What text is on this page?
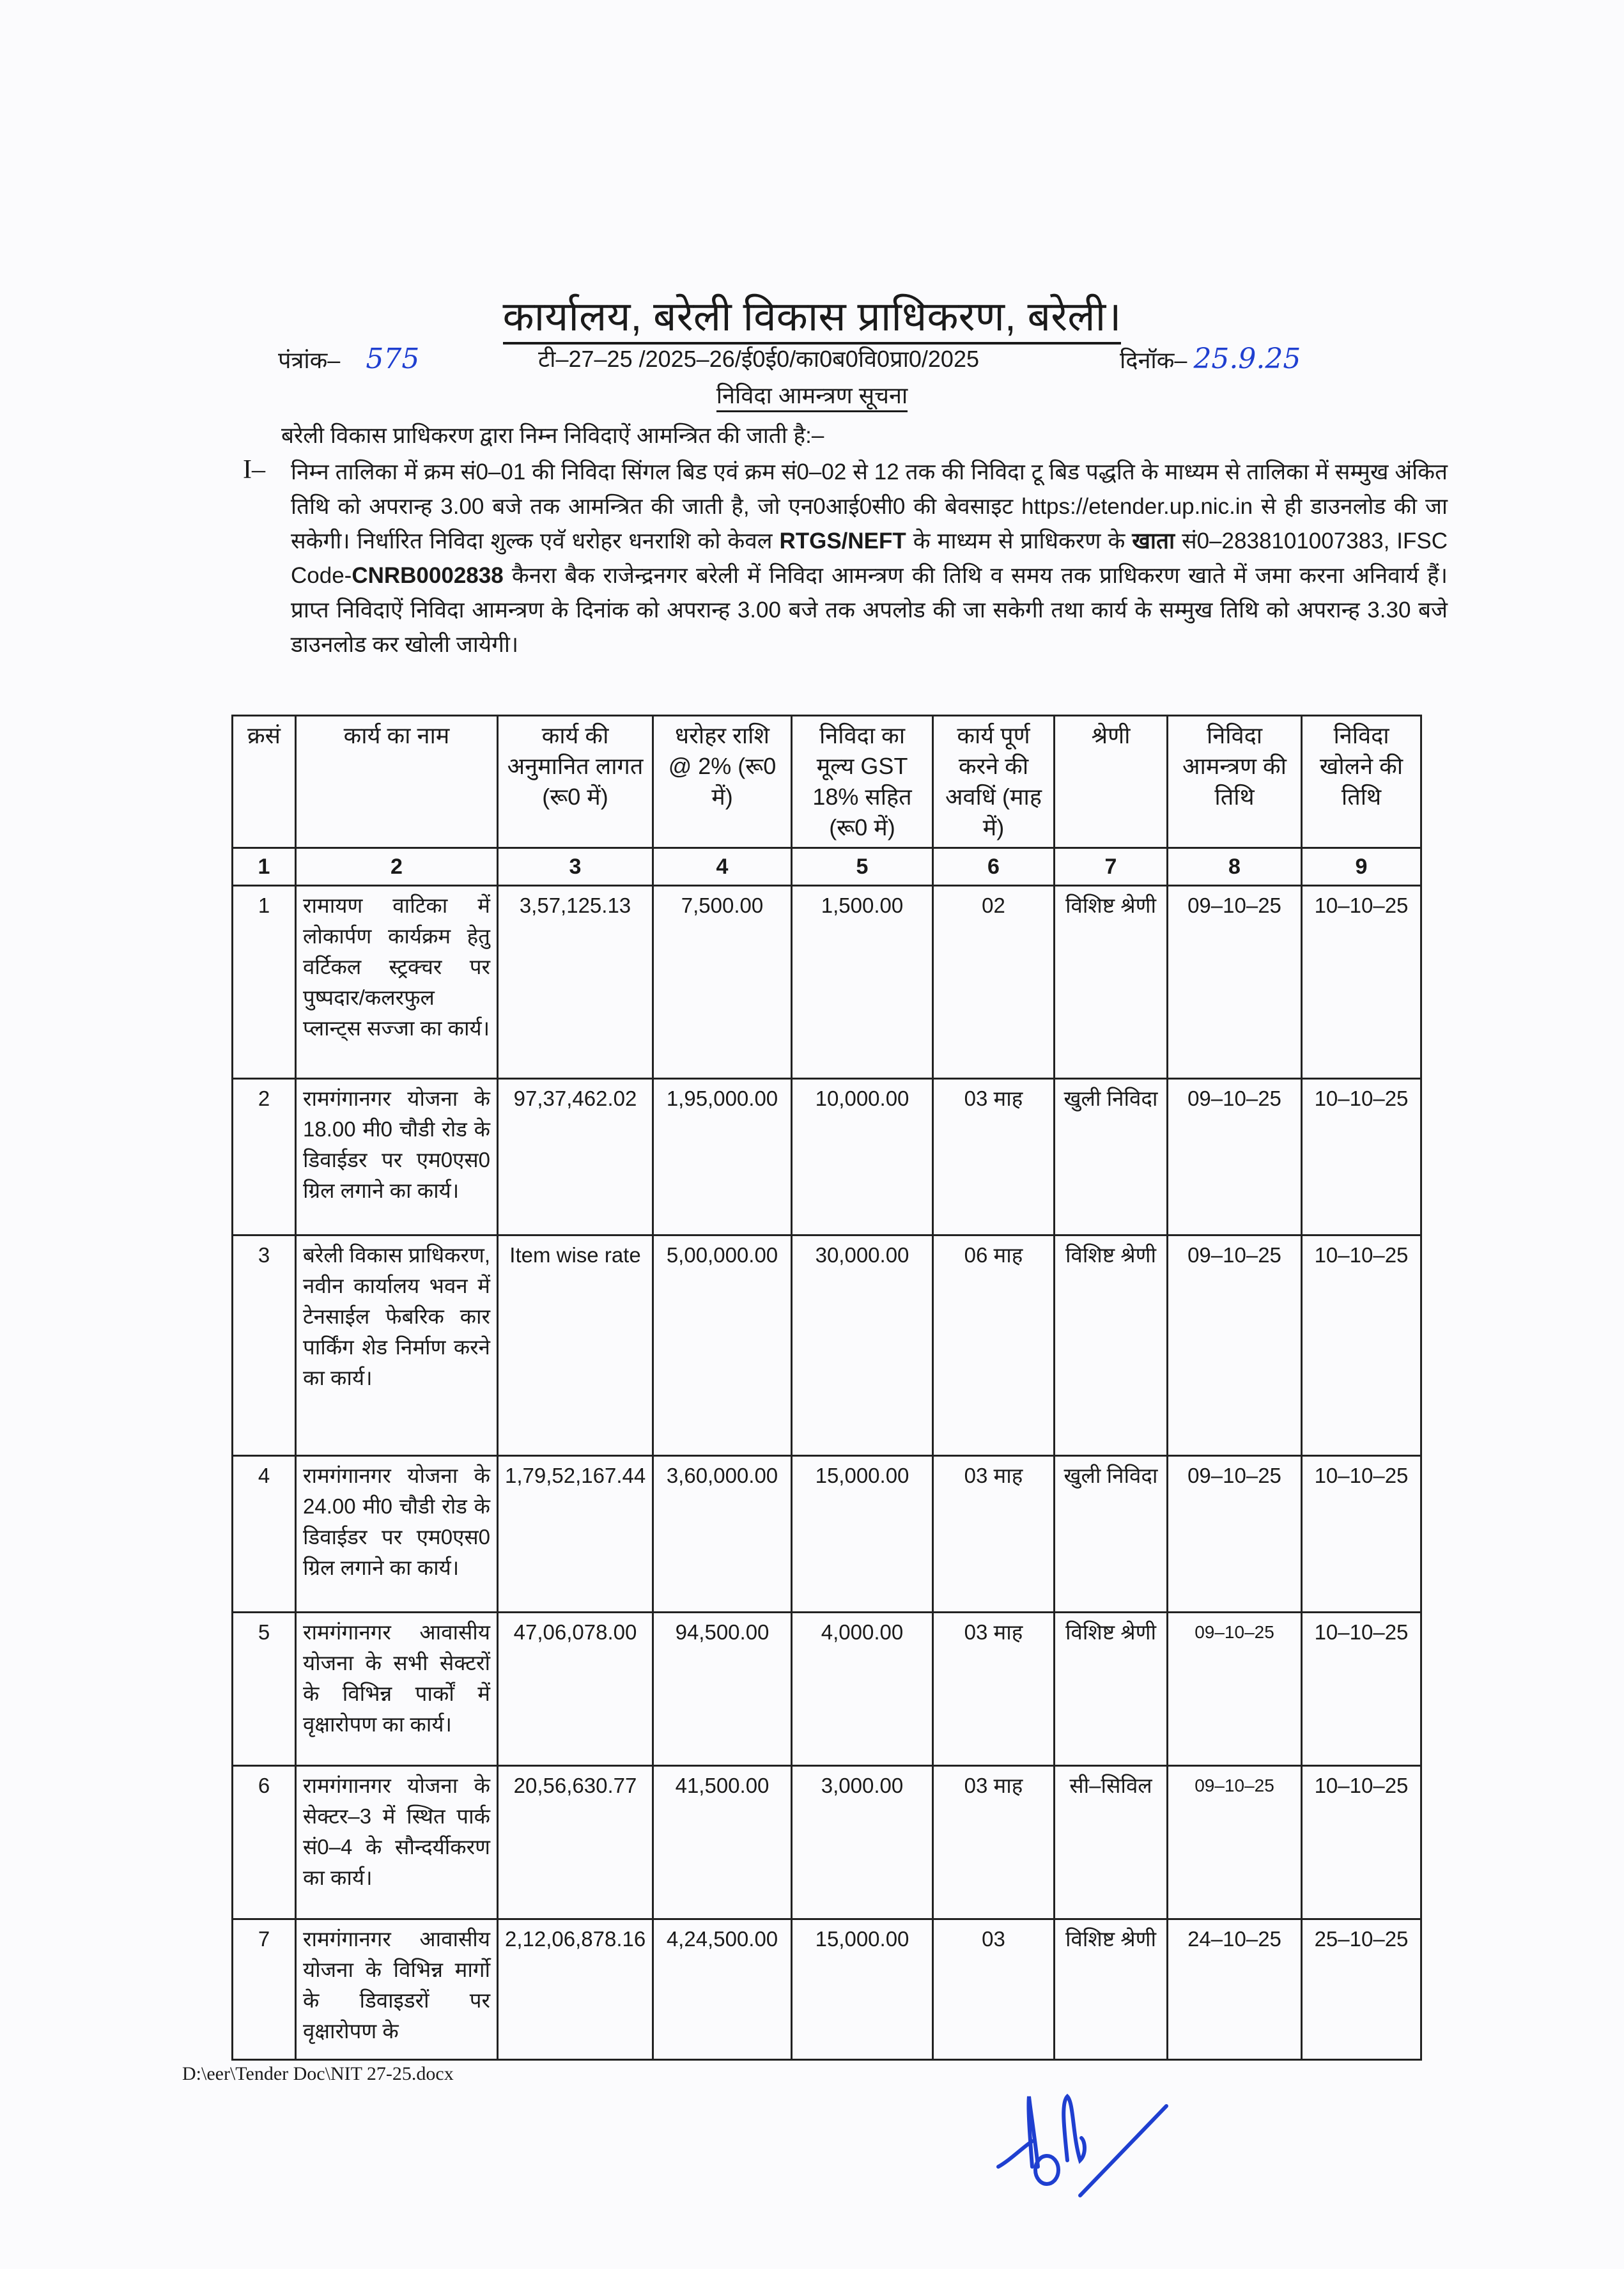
कार्यालय, बरेली विकास प्राधिकरण, बरेली।
पंत्रांक– 575	टी–27–25 /2025–26/ई0ई0/का0ब0वि0प्रा0/2025	दिनॉक– 25.9.25
निविदा आमन्त्रण सूचना
बरेली विकास प्राधिकरण द्वारा निम्न निविदाऐं आमन्त्रित की जाती है:–
I– निम्न तालिका में क्रम सं0–01 की निविदा सिंगल बिड एवं क्रम सं0–02 से 12 तक की निविदा टू बिड पद्धति के माध्यम से तालिका में सम्मुख अंकित तिथि को अपरान्ह 3.00 बजे तक आमन्त्रित की जाती है, जो एन0आई0सी0 की बेवसाइट https://etender.up.nic.in से ही डाउनलोड की जा सकेगी। निर्धारित निविदा शुल्क एवॅ धरोहर धनराशि को केवल RTGS/NEFT के माध्यम से प्राधिकरण के खाता सं0–2838101007383, IFSC Code-CNRB0002838 कैनरा बैक राजेन्द्रनगर बरेली में निविदा आमन्त्रण की तिथि व समय तक प्राधिकरण खाते में जमा करना अनिवार्य हैं। प्राप्त निविदाऐं निविदा आमन्त्रण के दिनांक को अपरान्ह 3.00 बजे तक अपलोड की जा सकेगी तथा कार्य के सम्मुख तिथि को अपरान्ह 3.30 बजे डाउनलोड कर खोली जायेगी।
क्रसं	कार्य का नाम	कार्य की अनुमानित लागत (रू0 में)	धरोहर राशि @ 2% (रू0 में)	निविदा का मूल्य GST 18% सहित (रू0 में)	कार्य पूर्ण करने की अवधिं (माह में)	श्रेणी	निविदा आमन्त्रण की तिथि	निविदा खोलने की तिथि
1	2	3	4	5	6	7	8	9
1	रामायण वाटिका में लोकार्पण कार्यक्रम हेतु वर्टिकल स्ट्रक्चर पर पुष्पदार/कलरफुल प्लान्ट्स सज्जा का कार्य।	3,57,125.13	7,500.00	1,500.00	02	विशिष्ट श्रेणी	09–10–25	10–10–25
2	रामगंगानगर योजना के 18.00 मी0 चौडी रोड के डिवाईडर पर एम0एस0 ग्रिल लगाने का कार्य।	97,37,462.02	1,95,000.00	10,000.00	03 माह	खुली निविदा	09–10–25	10–10–25
3	बरेली विकास प्राधिकरण, नवीन कार्यालय भवन में टेनसाईल फेबरिक कार पार्किंग शेड निर्माण करने का कार्य।	Item wise rate	5,00,000.00	30,000.00	06 माह	विशिष्ट श्रेणी	09–10–25	10–10–25
4	रामगंगानगर योजना के 24.00 मी0 चौडी रोड के डिवाईडर पर एम0एस0 ग्रिल लगाने का कार्य।	1,79,52,167.44	3,60,000.00	15,000.00	03 माह	खुली निविदा	09–10–25	10–10–25
5	रामगंगानगर आवासीय योजना के सभी सेक्टरों के विभिन्न पार्कों में वृक्षारोपण का कार्य।	47,06,078.00	94,500.00	4,000.00	03 माह	विशिष्ट श्रेणी	09–10–25	10–10–25
6	रामगंगानगर योजना के सेक्टर–3 में स्थित पार्क सं0–4 के सौन्दर्यीकरण का कार्य।	20,56,630.77	41,500.00	3,000.00	03 माह	सी–सिविल	09–10–25	10–10–25
7	रामगंगानगर आवासीय योजना के विभिन्न मार्गो के डिवाइडरों पर वृक्षारोपण के	2,12,06,878.16	4,24,500.00	15,000.00	03	विशिष्ट श्रेणी	24–10–25	25–10–25
D:\eer\Tender Doc\NIT 27-25.docx
